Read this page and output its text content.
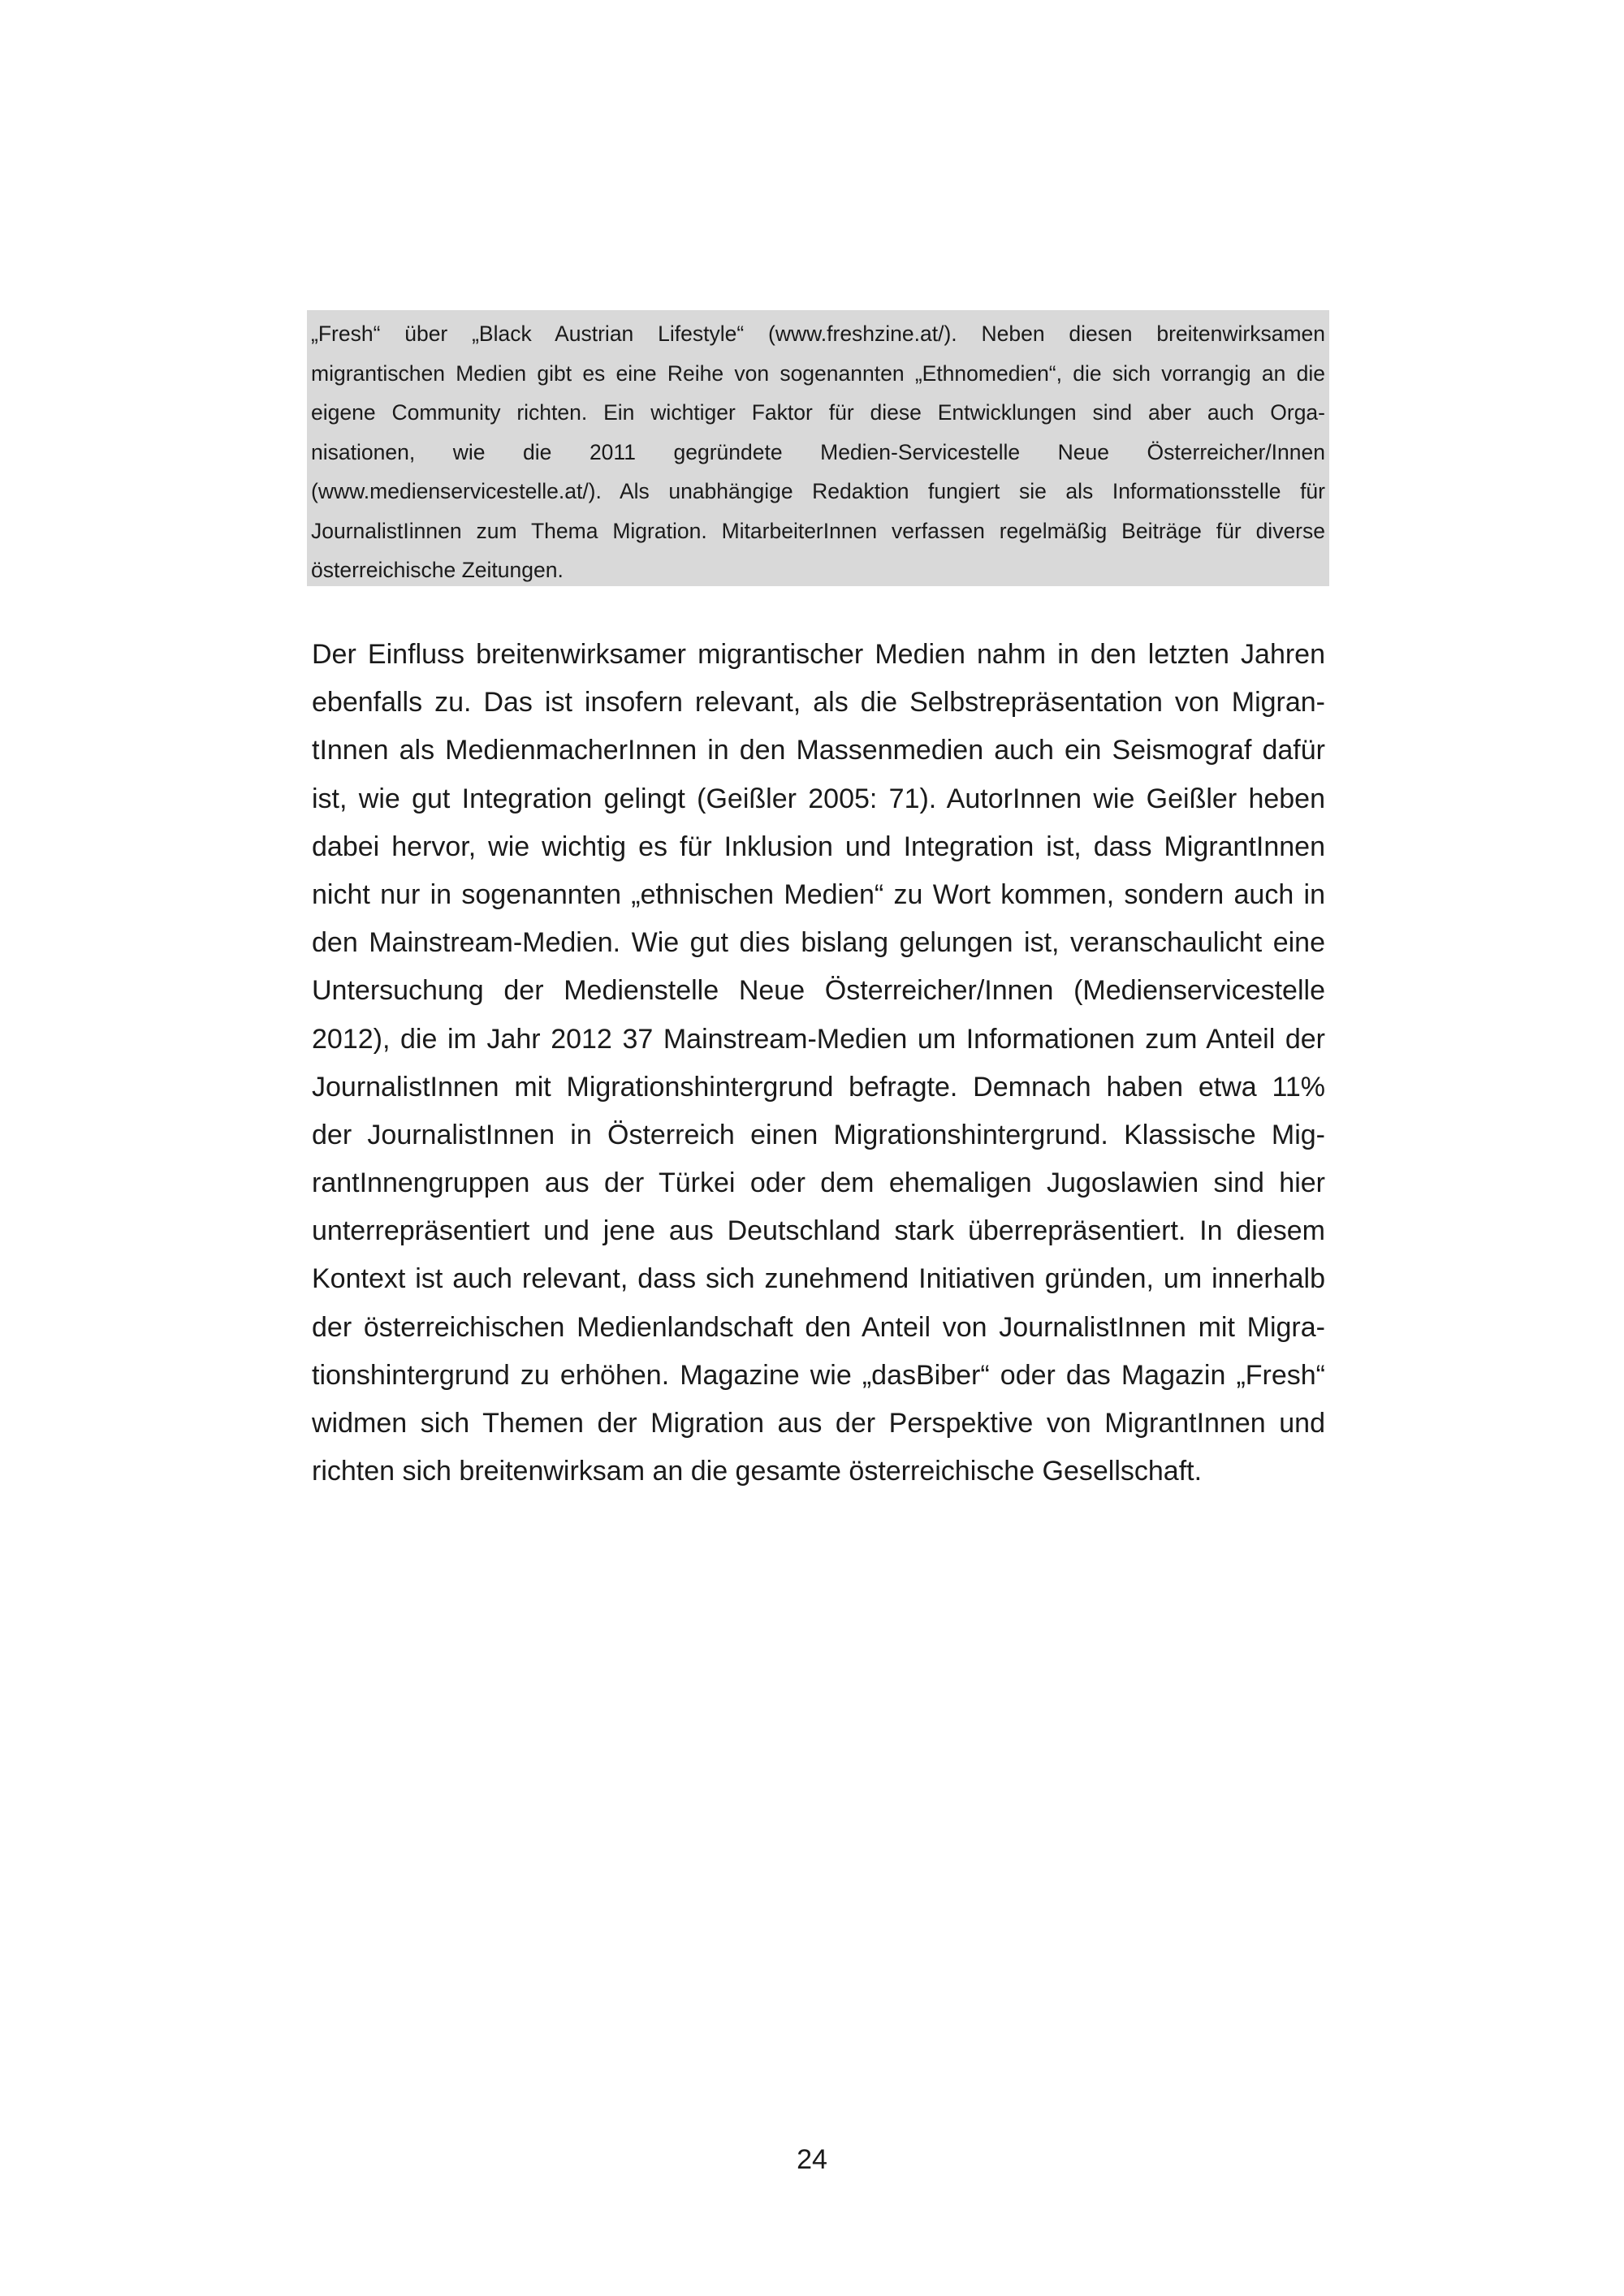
„Fresh“ über „Black Austrian Lifestyle“ (www.freshzine.at/). Neben diesen breitenwirksamen
migrantischen Medien gibt es eine Reihe von sogenannten „Ethnomedien“, die sich vorrangig an die
eigene Community richten. Ein wichtiger Faktor für diese Entwicklungen sind aber auch Orga-
nisationen, wie die 2011 gegründete Medien-Servicestelle Neue Österreicher/Innen
(www.medienservicestelle.at/). Als unabhängige Redaktion fungiert sie als Informationsstelle für
JournalistIinnen zum Thema Migration. MitarbeiterInnen verfassen regelmäßig Beiträge für diverse
österreichische Zeitungen.
Der Einfluss breitenwirksamer migrantischer Medien nahm in den letzten Jahren
ebenfalls zu. Das ist insofern relevant, als die Selbstrepräsentation von Migran-
tInnen als MedienmacherInnen in den Massenmedien auch ein Seismograf dafür
ist, wie gut Integration gelingt (Geißler 2005: 71). AutorInnen wie Geißler heben
dabei hervor, wie wichtig es für Inklusion und Integration ist, dass MigrantInnen
nicht nur in sogenannten „ethnischen Medien“ zu Wort kommen, sondern auch in
den Mainstream-Medien. Wie gut dies bislang gelungen ist, veranschaulicht eine
Untersuchung der Medienstelle Neue Österreicher/Innen (Medienservicestelle
2012), die im Jahr 2012 37 Mainstream-Medien um Informationen zum Anteil der
JournalistInnen mit Migrationshintergrund befragte. Demnach haben etwa 11%
der JournalistInnen in Österreich einen Migrationshintergrund. Klassische Mig-
rantInnengruppen aus der Türkei oder dem ehemaligen Jugoslawien sind hier
unterrepräsentiert und jene aus Deutschland stark überrepräsentiert. In diesem
Kontext ist auch relevant, dass sich zunehmend Initiativen gründen, um innerhalb
der österreichischen Medienlandschaft den Anteil von JournalistInnen mit Migra-
tionshintergrund zu erhöhen. Magazine wie „dasBiber“ oder das Magazin „Fresh“
widmen sich Themen der Migration aus der Perspektive von MigrantInnen und
richten sich breitenwirksam an die gesamte österreichische Gesellschaft.
24
